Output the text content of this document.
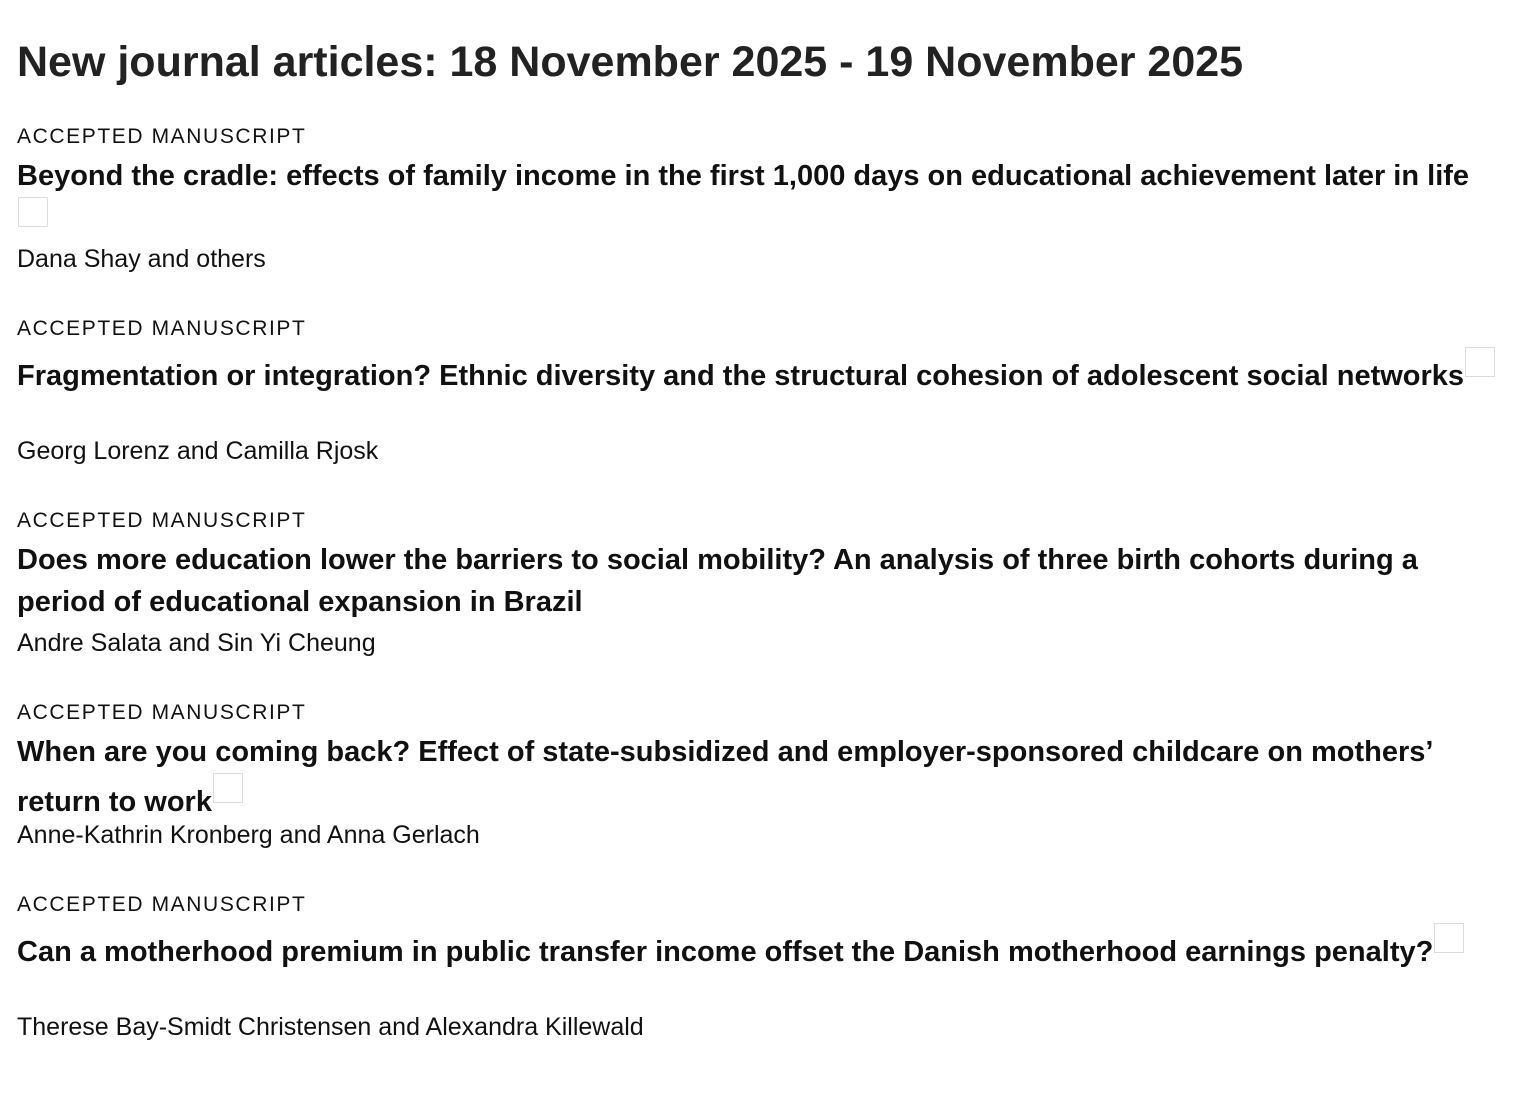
New journal articles: 18 November 2025 - 19 November 2025
ACCEPTED MANUSCRIPT
Beyond the cradle: effects of family income in the first 1,000 days on educational achievement later in life
Dana Shay and others
ACCEPTED MANUSCRIPT
Fragmentation or integration? Ethnic diversity and the structural cohesion of adolescent social networks
Georg Lorenz and Camilla Rjosk
ACCEPTED MANUSCRIPT
Does more education lower the barriers to social mobility? An analysis of three birth cohorts during a period of educational expansion in Brazil
Andre Salata and Sin Yi Cheung
ACCEPTED MANUSCRIPT
When are you coming back? Effect of state-subsidized and employer-sponsored childcare on mothers’ return to work
Anne-Kathrin Kronberg and Anna Gerlach
ACCEPTED MANUSCRIPT
Can a motherhood premium in public transfer income offset the Danish motherhood earnings penalty?
Therese Bay-Smidt Christensen and Alexandra Killewald
